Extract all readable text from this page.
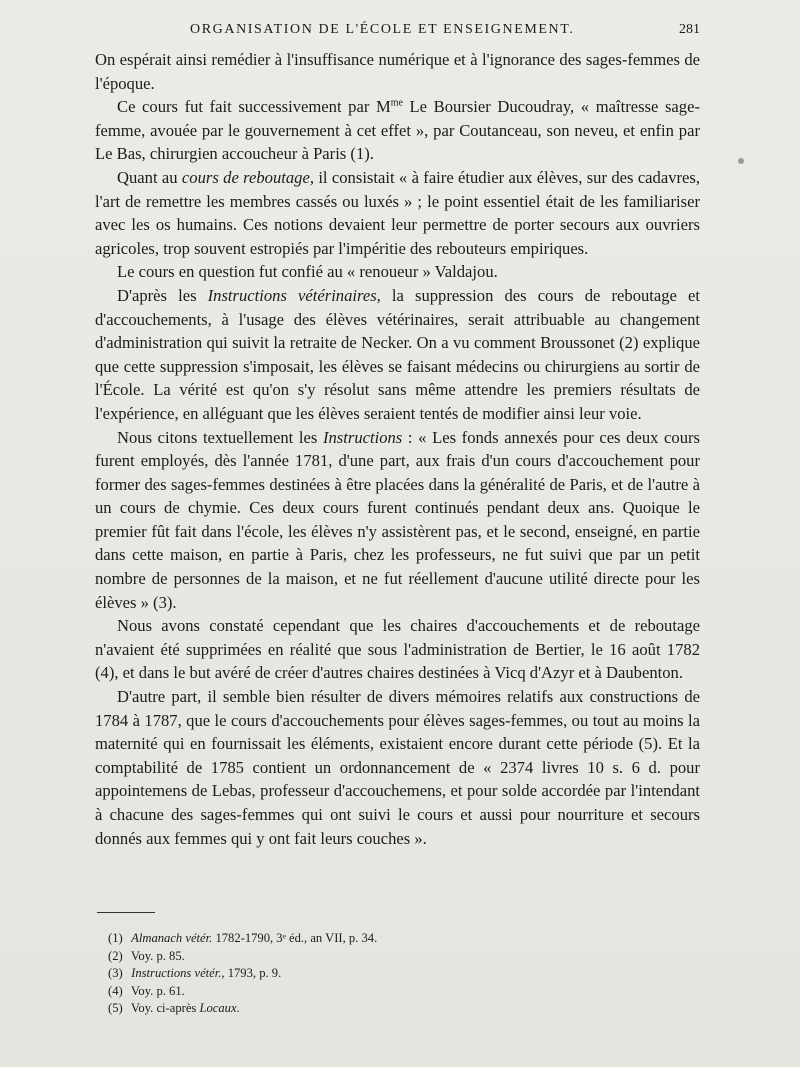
ORGANISATION DE L'ÉCOLE ET ENSEIGNEMENT.	281

On espérait ainsi remédier à l'insuffisance numérique et à l'ignorance des sages-femmes de l'époque.

Ce cours fut fait successivement par $M^{me}$ Le Boursier Ducoudray, « maîtresse sage-femme, avouée par le gouvernement à cet effet », par Coutanceau, son neveu, et enfin par Le Bas, chirurgien accoucheur à Paris (1).

Quant au cours de reboutage, il consistait « à faire étudier aux élèves, sur des cadavres, l'art de remettre les membres cassés ou luxés » ; le point essentiel était de les familiariser avec les os humains. Ces notions devaient leur permettre de porter secours aux ouvriers agricoles, trop souvent estropiés par l'impéritie des rebouteurs empiriques.

Le cours en question fut confié au « renoueur » Valdajou.

D'après les Instructions vétérinaires, la suppression des cours de reboutage et d'accouchements, à l'usage des élèves vétérinaires, serait attribuable au changement d'administration qui suivit la retraite de Necker. On a vu comment Broussonet (2) explique que cette suppression s'imposait, les élèves se faisant médecins ou chirurgiens au sortir de l'École. La vérité est qu'on s'y résolut sans même attendre les premiers résultats de l'expérience, en alléguant que les élèves seraient tentés de modifier ainsi leur voie.

Nous citons textuellement les Instructions : « Les fonds annexés pour ces deux cours furent employés, dès l'année 1781, d'une part, aux frais d'un cours d'accouchement pour former des sages-femmes destinées à être placées dans la généralité de Paris, et de l'autre à un cours de chymie. Ces deux cours furent continués pendant deux ans. Quoique le premier fût fait dans l'école, les élèves n'y assistèrent pas, et le second, enseigné, en partie dans cette maison, en partie à Paris, chez les professeurs, ne fut suivi que par un petit nombre de personnes de la maison, et ne fut réellement d'aucune utilité directe pour les élèves » (3).

Nous avons constaté cependant que les chaires d'accouchements et de reboutage n'avaient été supprimées en réalité que sous l'administration de Bertier, le 16 août 1782 (4), et dans le but avéré de créer d'autres chaires destinées à Vicq d'Azyr et à Daubenton.

D'autre part, il semble bien résulter de divers mémoires relatifs aux constructions de 1784 à 1787, que le cours d'accouchements pour élèves sages-femmes, ou tout au moins la maternité qui en fournissait les éléments, existaient encore durant cette période (5). Et la comptabilité de 1785 contient un ordonnancement de « 2374 livres 10 s. 6 d. pour appointemens de Lebas, professeur d'accouchemens, et pour solde accordée par l'intendant à chacune des sages-femmes qui ont suivi le cours et aussi pour nourriture et secours donnés aux femmes qui y ont fait leurs couches ».

(1) Almanach vétér. 1782-1790, 3ᵉ éd., an VII, p. 34.
(2) Voy. p. 85.
(3) Instructions vétér., 1793, p. 9.
(4) Voy. p. 61.
(5) Voy. ci-après Locaux.
